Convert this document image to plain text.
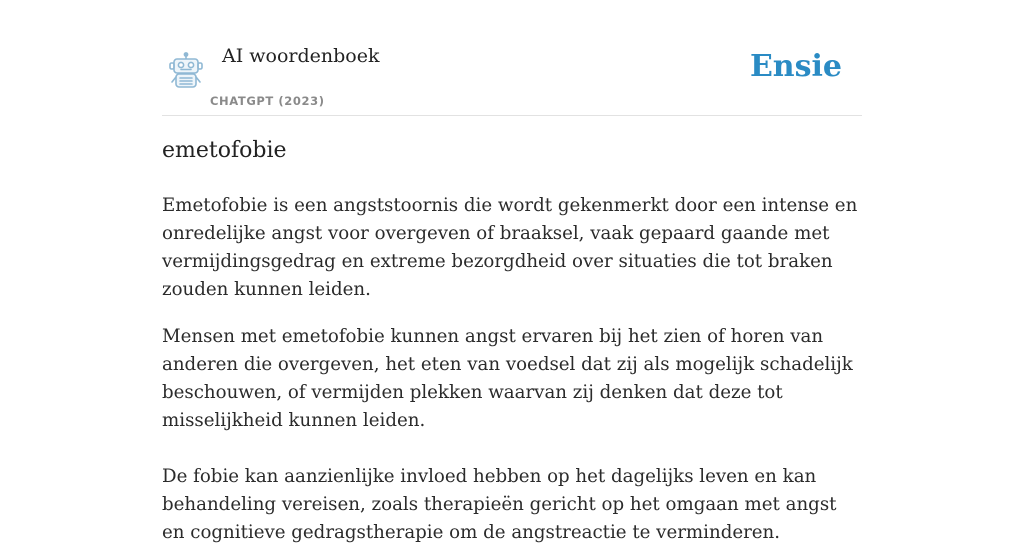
AI woordenboek
CHATGPT (2023)
Ensie
emetofobie

Emetofobie is een angststoornis die wordt gekenmerkt door een intense en onredelijke angst voor overgeven of braaksel, vaak gepaard gaande met vermijdingsgedrag en extreme bezorgdheid over situaties die tot braken zouden kunnen leiden.

Mensen met emetofobie kunnen angst ervaren bij het zien of horen van anderen die overgeven, het eten van voedsel dat zij als mogelijk schadelijk beschouwen, of vermijden plekken waarvan zij denken dat deze tot misselijkheid kunnen leiden.

De fobie kan aanzienlijke invloed hebben op het dagelijks leven en kan behandeling vereisen, zoals therapieën gericht op het omgaan met angst en cognitieve gedragstherapie om de angstreactie te verminderen.
